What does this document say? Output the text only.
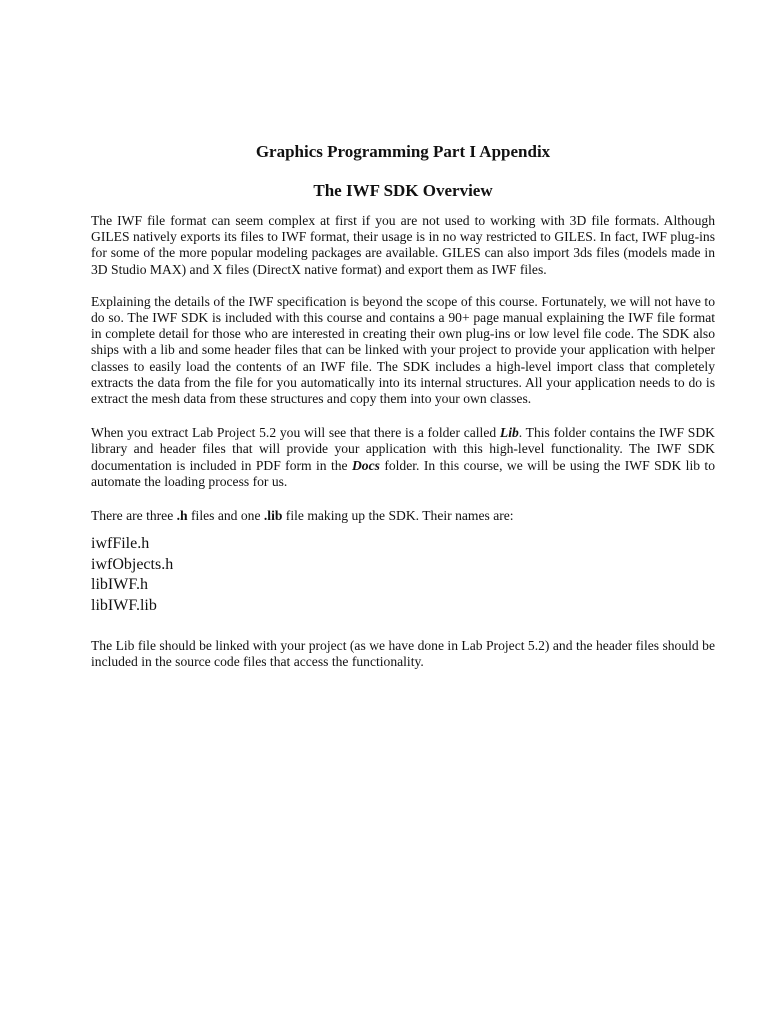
Graphics Programming Part I Appendix
The IWF SDK Overview

The IWF file format can seem complex at first if you are not used to working with 3D file formats. Although GILES natively exports its files to IWF format, their usage is in no way restricted to GILES. In fact, IWF plug-ins for some of the more popular modeling packages are available. GILES can also import 3ds files (models made in 3D Studio MAX) and X files (DirectX native format) and export them as IWF files.

Explaining the details of the IWF specification is beyond the scope of this course. Fortunately, we will not have to do so. The IWF SDK is included with this course and contains a 90+ page manual explaining the IWF file format in complete detail for those who are interested in creating their own plug-ins or low level file code. The SDK also ships with a lib and some header files that can be linked with your project to provide your application with helper classes to easily load the contents of an IWF file. The SDK includes a high-level import class that completely extracts the data from the file for you automatically into its internal structures. All your application needs to do is extract the mesh data from these structures and copy them into your own classes.

When you extract Lab Project 5.2 you will see that there is a folder called Lib. This folder contains the IWF SDK library and header files that will provide your application with this high-level functionality. The IWF SDK documentation is included in PDF form in the Docs folder. In this course, we will be using the IWF SDK lib to automate the loading process for us.

There are three .h files and one .lib file making up the SDK. Their names are:

iwfFile.h
iwfObjects.h
libIWF.h
libIWF.lib

The Lib file should be linked with your project (as we have done in Lab Project 5.2) and the header files should be included in the source code files that access the functionality.
